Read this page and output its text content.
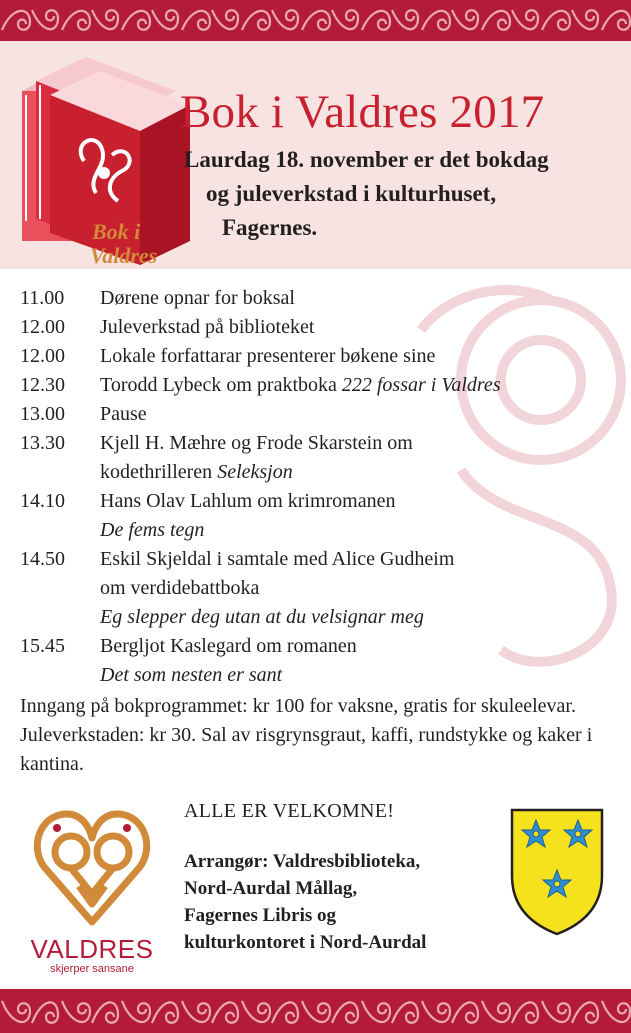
Bok i
Valdres
Bok i Valdres 2017
Laurdag 18. november er det bokdag
og juleverkstad i kulturhuset,
Fagernes.
11.00	Dørene opnar for boksal
12.00	Juleverkstad på biblioteket
12.00	Lokale forfattarar presenterer bøkene sine
12.30	Torodd Lybeck om praktboka 222 fossar i Valdres
13.00	Pause
13.30	Kjell H. Mæhre og Frode Skarstein om
kodethrilleren Seleksjon
14.10	Hans Olav Lahlum om krimromanen
De fems tegn
14.50	Eskil Skjeldal i samtale med Alice Gudheim
om verdidebattboka
Eg slepper deg utan at du velsignar meg
15.45	Bergljot Kaslegard om romanen
Det som nesten er sant
Inngang på bokprogrammet: kr 100 for vaksne, gratis for skuleelevar. Juleverkstaden: kr 30. Sal av risgrynsgraut, kaffi, rundstykke og kaker i kantina.
VALDRES
skjerper sansane
ALLE ER VELKOMNE!
Arrangør: Valdresbiblioteka,
Nord-Aurdal Mållag,
Fagernes Libris og
kulturkontoret i Nord-Aurdal
